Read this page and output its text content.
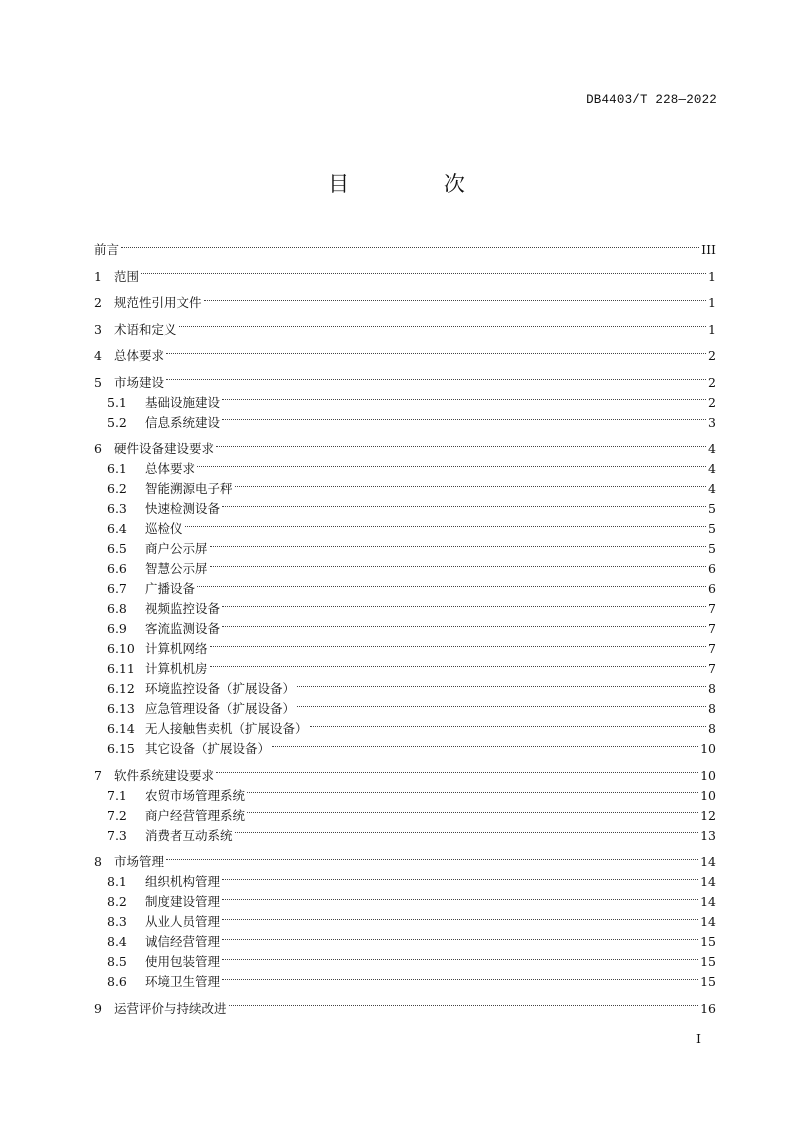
DB4403/T 228—2022
目 次
前言	III
1 范围	1
2 规范性引用文件	1
3 术语和定义	1
4 总体要求	2
5 市场建设	2
5.1	基础设施建设	2
5.2	信息系统建设	3
6 硬件设备建设要求	4
6.1	总体要求	4
6.2	智能溯源电子秤	4
6.3	快速检测设备	5
6.4	巡检仪	5
6.5	商户公示屏	5
6.6	智慧公示屏	6
6.7	广播设备	6
6.8	视频监控设备	7
6.9	客流监测设备	7
6.10 计算机网络	7
6.11 计算机机房	7
6.12 环境监控设备（扩展设备）	8
6.13 应急管理设备（扩展设备）	8
6.14 无人接触售卖机（扩展设备）	8
6.15 其它设备（扩展设备）	10
7 软件系统建设要求	10
7.1	农贸市场管理系统	10
7.2	商户经营管理系统	12
7.3	消费者互动系统	13
8 市场管理	14
8.1	组织机构管理	14
8.2	制度建设管理	14
8.3	从业人员管理	14
8.4	诚信经营管理	15
8.5	使用包装管理	15
8.6	环境卫生管理	15
9 运营评价与持续改进	16
I
